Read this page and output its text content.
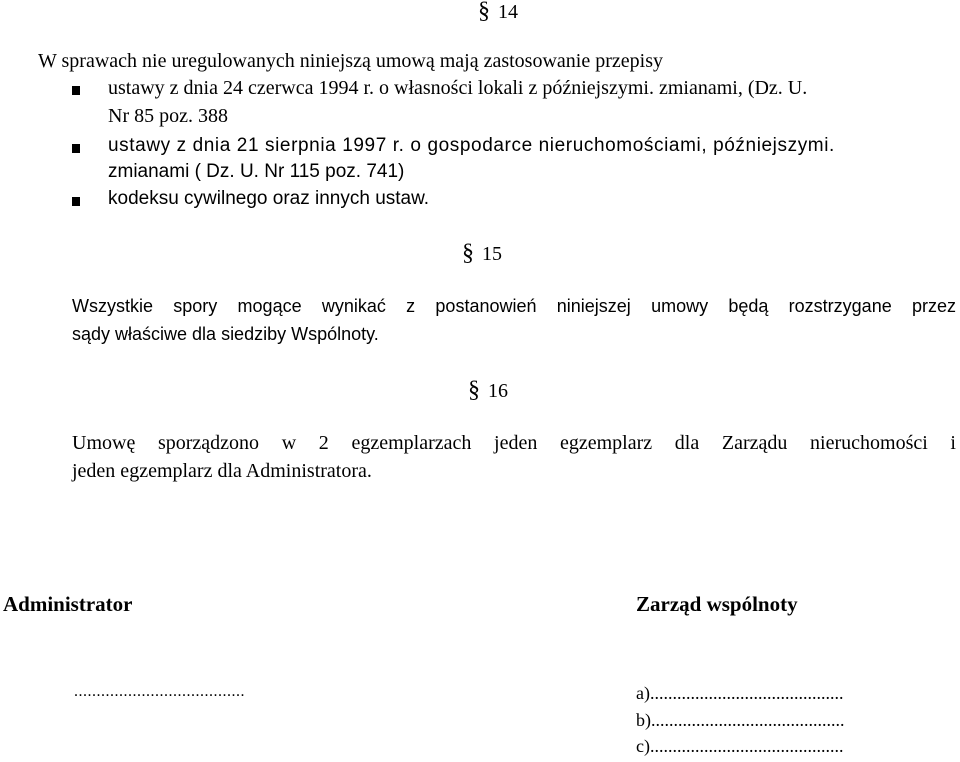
§ 14
W sprawach nie uregulowanych niniejszą umową mają zastosowanie przepisy
ustawy z dnia 24 czerwca 1994 r. o własności lokali z późniejszymi. zmianami, (Dz. U.
Nr 85 poz. 388
ustawy z dnia 21 sierpnia 1997 r. o gospodarce nieruchomościami, późniejszymi.
zmianami ( Dz. U. Nr 115 poz. 741)
kodeksu cywilnego oraz innych ustaw.
§ 15
Wszystkie spory mogące wynikać z postanowień niniejszej umowy będą rozstrzygane przez
sądy właściwe dla siedziby Wspólnoty.
§ 16
Umowę sporządzono w 2 egzemplarzach jeden egzemplarz dla Zarządu nieruchomości i
jeden egzemplarz dla Administratora.
Administrator	Zarząd wspólnoty
......................................	a)...........................................
b)...........................................
c)...........................................
